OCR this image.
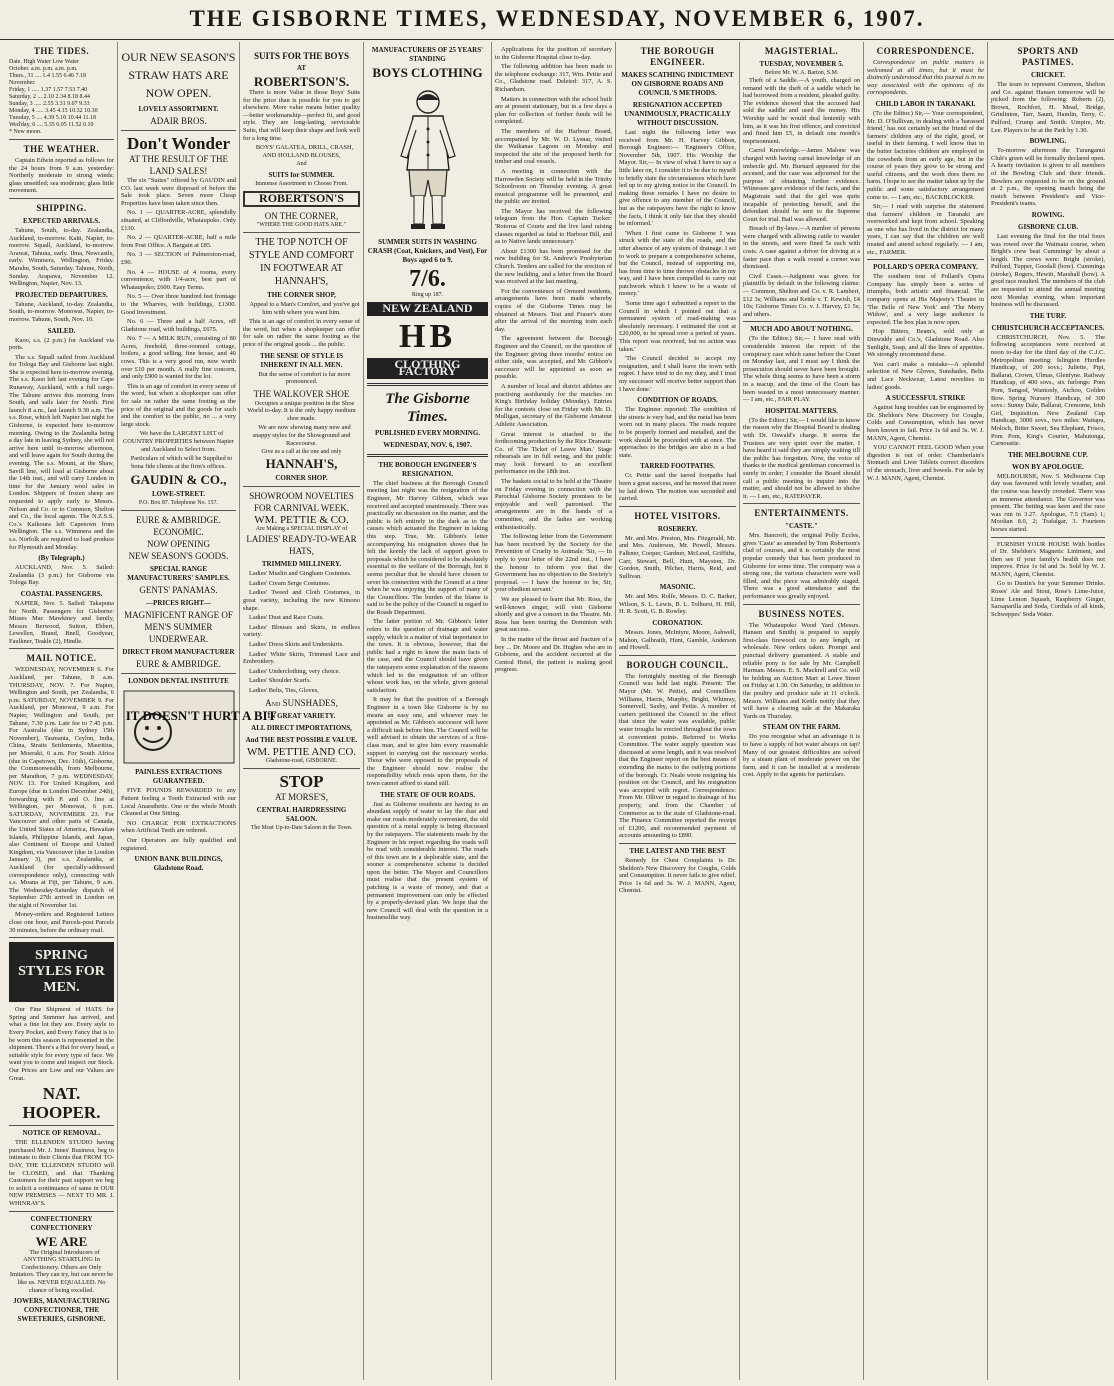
THE GISBORNE TIMES, WEDNESDAY, NOVEMBER 6, 1907.
THE TIDES.
Date. High Water Low Water
October. a.m. p.m. a.m. p.m.
Thurs., 31 .... 1.4 1.55 6.46 7.18
November.
Friday, 1 ..... 1.37 1.57 7.53 7.40
Saturday, 2 ... 2.10 2.34 8.18 8.44
Sunday, 3 ..... 2.55 3.31 9.07 9.33
Monday, 4 ..... 3.45 4.15 10.32 10.30
Tuesday, 5 .... 4.39 5.10 10.44 11.18
Wed'day, 6 .... 5.35 6.05 11.52 0.10
* New moon.
THE WEATHER.

Captain Edwin reported as follows for the 24 hours from 9 a.m. yesterday: Northerly moderate to strong winds; glass unsettled; sea moderate; glass little movement.

SHIPPING.
EXPECTED ARRIVALS.

Tahune, South, to-day. Zealandia, Auckland, to-morrow. Kaiti, Napier, to-morrow. Squall, Auckland, to-morrow. Arawai, Tahuna, early. Ilma, Newcastle, early. Wimmera, Wellington, Friday. Marahu, South, Saturday. Tahune, North, Sunday. Arapawa, November 12. Wellington, Napier, Nov. 13.

PROJECTED DEPARTURES.

Tahune, Auckland, to-day. Zealandia, South, to-morrow. Monowai, Napier, to-morrow. Tahune, South, Nov. 10.

SAILED.

Kaoo, s.s. (2 p.m.) for Auckland via ports.

The s.s. Squall sailed from Auckland for Tologa Bay and Gisborne last night. She is expected here to-morrow evening. The s.s. Kaoo left last evening for Cape Runaway, Auckland, with a full cargo. The Tahune arrives this morning from South, and sails later for North. First launch 8 a.m., last launch 9.30 a.m. The s.s. Rose, which left Napier last night for Gisborne, is expected here to-morrow morning. Owing to the Zealandia being a day late in leaving Sydney, she will not arrive here until to-morrow afternoon, and will leave again for South during the evening. The s.s. Mount, at the Shaw, Savill line, will load at Gisborne about the 14th inst., and will carry London in time for the January wool sales in London. Shippers of frozen sheep are requested to apply early to Messrs. Nelson and Co. or to Common, Shelton and Co., the local agents. The N.Z.S.S. Co.'s Kaikoura left Capetown from Wellington. The s.s. Wimmera and the s.s. Norfolk are required to load produce for Plymouth and Monday.

(By Telegraph.)

AUCKLAND, Nov. 5. Sailed: Zealandia (3 p.m.) for Gisborne via Tologa Bay.

COASTAL PASSENGERS.

NAPIER, Nov. 5. Sailed: Takapuna for North. Passengers for Gisborne: Misses Mac Mawkiney and family, Messrs Berwood, Sutton, Ebbert, Lewellen, Brand, Bnell, Goodyear, Faulkner, Teakle (2), Hindle.

MAIL NOTICE.

WEDNESDAY, NOVEMBER 6. For Auckland, per Tahune, 8 a.m. THURSDAY, NOV. 7. For Napier, Wellington and South, per Zealandia, 6 p.m. SATURDAY, NOVEMBER 9. For Auckland, per Monowai, 9 a.m. For Napier, Wellington and South, per Tahune, 7.30 p.m. Late fee to 7.45 p.m. For Australia (due in Sydney 15th November), Tasmania, Ceylon, India, China, Straits Settlements, Mauritius, per Moeraki, 6 a.m. For South Africa (due in Capetown, Dec. 16th), Gisborne, the Commonwealth, from Melbourne, per Marathon, 7 p.m. WEDNESDAY, NOV. 13. For United Kingdom, and Europe (due in London December 24th), forwarding with P. and O. line at Wellington, per Monowai, 6 p.m. SATURDAY, NOVEMBER 23. For Vancouver and other parts of Canada, the United States of America, Hawaiian Islands, Philippine Islands, and Japan, also Continent of Europe and United Kingdom, via Vancouver (due in London January 3), per s.s. Zealandia, at Auckland (for specially-addressed correspondence only), connecting with s.s. Moana at Fiji, per Tahune, 9 a.m. The Wednesday-Saturday dispatch of September 27th arrived in London on the night of November 1st.

Money-orders and Registered Letters close one hour, and Parcels-post Parcels 30 minutes, before the ordinary mail.

SPRING STYLES FOR MEN.

Our Fine Shipment of HATS for Spring and Summer has arrived, and what a fine lot they are. Every style to Every Pocket, and Every Fancy that is to be worn this season is represented in the shipment. There's a Hat for every head, a suitable style for every type of face. We want you to come and inspect our Stock. Our Prices are Low and our Values are Great.

NAT. HOOPER.
NOTICE OF REMOVAL.

THE ELLENDEN STUDIO having purchased Mr. J. Innes' Business, beg to intimate to their Clients that FROM TO-DAY, THE ELLENDEN STUDIO will be CLOSED, and that Thanking Customers for their past support we beg to solicit a continuance of same in OUR NEW PREMISES — NEXT TO MR. J. WHINRAY'S.

CONFECTIONERY CONFECTIONERY
WE ARE

The Original Introducers of ANYTHING STARTLING In Confectionery. Others are Only Imitators. They can try, but can never be like us. NEVER EQUALLED. No chance of being excelled.

JOWERS, MANUFACTURING CONFECTIONER, THE SWEETERIES, GISBORNE.
OUR NEW SEASON'S STRAW HATS ARE NOW OPEN.
LOVELY ASSORTMENT.
ADAIR BROS.
Don't Wonder
AT THE RESULT OF THE LAND SALES!

The six "Suites" offered by GAUDIN and CO. last week were disposed of before the Sale took place. Seven more Cheap Properties have been taken since then.

No. 1 — QUARTER-ACRE, splendidly situated, at Cliffordville, Whataupoko. Only £130.

No. 2 — QUARTER-ACRE, half a mile from Post Office. A Bargain at £85.

No. 3 — SECTION of Palmerston-road, £90.

No. 4 — HOUSE of 4 rooms, every convenience, with 1/4-acre, best part of Whataupoko; £600. Easy Terms.

No. 5 — Over three hundred feet frontage to the Wharves, with buildings, £1300. Good Investment.

No. 6 — Three and a half Acres, off Gladstone road, with buildings, £675.

No. 7 — A MILK RUN, consisting of 80 Acres, freehold, three-roomed cottage, boilers, a good selling, fine house, and 40 cows. This is a very good run, now worth over £10 per month. A really fine concern, and only £900 is wanted for the lot.

This is an age of comfort in every sense of the word, but when a shopkeeper can offer for sale on rather the same footing as the price of the original and the goods for such and the comfort to the public, no ... a very large stock.

We have the LARGEST LIST of COUNTRY PROPERTIES between Napier and Auckland to Select from.

Particulars of which will be Supplied to bona fide clients at the firm's offices.

GAUDIN & CO.,
LOWE-STREET.
P.O. Box 87. Telephone No. 157.
EURE & AMBRIDGE.
ECONOMIC.
NOW OPENING
NEW SEASON'S GOODS.
SPECIAL RANGE MANUFACTURERS' SAMPLES.
GENTS' PANAMAS.
—PRICES RIGHT—
MAGNIFICENT RANGE OF MEN'S SUMMER UNDERWEAR.
DIRECT FROM MANUFACTURER
EURE & AMBRIDGE.
LONDON DENTAL INSTITUTE
IT DOESN'T HURT A BIT
PAINLESS EXTRACTIONS GUARANTEED.

FIVE POUNDS REWARDED to any Patient feeling a Tooth Extracted with our Local Anaesthetic. One or the whole Mouth Cleaned at One Sitting.

NO CHARGE FOR EXTRACTIONS when Artificial Teeth are ordered.

Our Operators are fully qualified and registered.

UNION BANK BUILDINGS, Gladstone Road.
SUITS FOR THE BOYS
AT
ROBERTSON'S.

There is more Value in those Boys' Suits for the price than is possible for you to get elsewhere. More value means better quality—better workmanship—perfect fit, and good style. They are long-lasting, serviceable Suits, that will keep their shape and look well for a long time.

BOYS' GALATEA, DRILL, CRASH, AND HOLLAND BLOUSES,

And
SUITS for SUMMER.
Immense Assortment to Choose From.
ROBERTSON'S
ON THE CORNER,
"WHERE THE GOOD HATS ARE."
THE TOP NOTCH OF STYLE AND COMFORT IN FOOTWEAR AT HANNAH'S,
THE CORNER SHOP,

Appeal to a Man's Comfort, and you've got him with where you want him.

This is an age of comfort in every sense of the word, but when a shopkeeper can offer for sale on rather the same footing as the price of the original goods ... the public.

THE SENSE OF STYLE IS INHERENT IN ALL MEN.

But the sense of comfort is far more pronounced.

THE WALKOVER SHOE

Occupies a unique position in the Shoe World to-day. It is the only happy medium shoe made.

We are now showing many new and snappy styles for the Showground and Racecourse.

Give us a call at the one and only
HANNAH'S,
CORNER SHOP.
SHOWROOM NOVELTIES FOR CARNIVAL WEEK.
WM. PETTIE & CO.
Are Making a SPECIAL DISPLAY of
LADIES' READY-TO-WEAR HATS,
TRIMMED MILLINERY.

Ladies' Muslin and Gingham Costumes.

Ladies' Cream Serge Costumes.

Ladies' Tweed and Cloth Costumes, in great variety, including the new Kimono shape.

Ladies' Dust and Race Coats.

Ladies' Blouses and Skirts, in endless variety.

Ladies' Dress Skirts and Underskirts.

Ladies' White Skirts, Trimmed Lace and Embroidery.

Ladies' Underclothing, very choice.

Ladies' Shoulder Scarfs.

Ladies' Belts, Ties, Gloves,

And SUNSHADES,
IN GREAT VARIETY.
ALL DIRECT IMPORTATIONS,
And THE BEST POSSIBLE VALUE.
WM. PETTIE AND CO.
Gladstone-road, GISBORNE.
STOP
AT MORSE'S,
CENTRAL HAIRDRESSING SALOON.
The Most Up-to-Date Saloon in the Town.
MANUFACTURERS OF 25 YEARS' STANDING
BOYS CLOTHING
SUMMER SUITS IN WASHING CRASH (Coat, Knickers, and Vest), For Boys aged 6 to 9.
7/6.
Ring up 187.
NEW ZEALAND
HB
CLOTHING FACTORY
The Gisborne Times.
PUBLISHED EVERY MORNING.
WEDNESDAY, NOV. 6, 1907.
THE BOROUGH ENGINEER'S RESIGNATION.

The chief business at the Borough Council meeting last night was the resignation of the Engineer, Mr Harvey Gibbon, which was received and accepted unanimously. There was practically no discussion on the matter, and the public is left entirely in the dark as to the causes which actuated the Engineer in taking this step. True, Mr. Gibbon's letter accompanying his resignation shows that he felt the keenly the lack of support given to proposals which he considered to be absolutely essential to the welfare of the Borough, but it seems peculiar that he should have chosen to sever his connection with the Council at a time when he was enjoying the support of many of the Councillors. The burden of the blame is said to be the policy of the Council in regard to the Roads Department.

The latter portion of Mr. Gibbon's letter refers to the question of drainage and water supply, which is a matter of vital importance to the town. It is obvious, however, that the public had a right to know the main facts of the case, and the Council should have given the ratepayers some explanation of the reasons which led to the resignation of an officer whose work has, on the whole, given general satisfaction.

It may be that the position of a Borough Engineer in a town like Gisborne is by no means an easy one, and whoever may be appointed as Mr. Gibbon's successor will have a difficult task before him. The Council will be well advised to obtain the services of a first-class man, and to give him every reasonable support in carrying out the necessary works. Those who were opposed to the proposals of the Engineer should now realise the responsibility which rests upon them, for the town cannot afford to stand still.

THE STATE OF OUR ROADS.

Just as Gisborne residents are having to an abundant supply of water to lay the dust and make our roads moderately convenient, the old question of a metal supply is being discussed by the ratepayers. The statements made by the Engineer in his report regarding the roads will be read with considerable interest. The roads of this town are in a deplorable state, and the sooner a comprehensive scheme is decided upon the better. The Mayor and Councillors must realise that the present system of patching is a waste of money, and that a permanent improvement can only be effected by a properly-devised plan. We hope that the new Council will deal with the question in a businesslike way.

Applications for the position of secretary to the Gisborne Hospital close to-day.

The following addition has been made to the telephone exchange: 317, Wm. Pettie and Co., Gladstone road. Deleted: 317, A. S. Richardson.

Matters in connection with the school built are at present stationary, but in a few days a plan for collection of further funds will be completed.

The members of the Harbour Board, accompanied by Mr. W. D. Lysnar, visited the Waikanae Lagoon on Monday and inspected the site of the proposed berth for timber and coal vessels.

A meeting in connection with the Harrowden Society will be held in the Trinity Schoolroom on Thursday evening. A great musical programme will be presented, and the public are invited.

The Mayor has received the following telegram from the Hon. Captain Tucker: 'Rotorua of Courts and the live land raising classes regarded as fatal to Harbour Bill, and as to Native lands unnecessary.'

About £1300 has been promised for the new building for St. Andrew's Presbyterian Church. Tenders are called for the erection of the new building, and a letter from the Board was received at the last meeting.

For the convenience of Ormond residents, arrangements have been made whereby copies of the Gisborne Times may be obtained at Messrs. Teat and Fraser's store after the arrival of the morning train each day.

The agreement between the Borough Engineer and the Council, on the question of the Engineer giving three months' notice on either side, was accepted, and Mr. Gibbon's successor will be appointed as soon as possible.

A number of local and district athletes are practising assiduously for the matches on King's Birthday holiday (Monday). Entries for the contests close on Friday with Mr. D. Mulligan, secretary of the Gisborne Amateur Athletic Association.

Great interest is attached to the forthcoming production by the Rice Dramatic Co. of 'The Ticket of Leave Man.' Stage rehearsals are in full swing, and the public may look forward to an excellent performance on the 18th inst.

The baskets social to be held at the Theatre on Friday evening in connection with the Parochial Gisborne Society promises to be enjoyable and well patronised. The arrangements are in the hands of a committee, and the ladies are working enthusiastically.

The following letter from the Government has been received by the Society for the Prevention of Cruelty to Animals: 'Sir, — In reply to your letter of the 22nd inst., I have the honour to inform you that the Government has no objection to the Society's proposal. — I have the honour to be, Sir, your obedient servant.'

We are pleased to learn that Mr. Ross, the well-known singer, will visit Gisborne shortly and give a concert in the Theatre. Mr. Ross has been touring the Dominion with great success.

In the matter of the throat and fracture of a boy ... Dr. Moore and Dr. Hughes who are in Gisborne, and the accident occurred at the Central Hotel, the patient is making good progress.

THE BOROUGH ENGINEER.
MAKES SCATHING INDICTMENT ON GISBORNE ROADS AND COUNCIL'S METHODS.
RESIGNATION ACCEPTED UNANIMOUSLY, PRACTICALLY WITHOUT DISCUSSION.

Last night the following letter was received from Mr. H. Harvey Gibbon, Borough Engineer:— 'Engineer's Office, November 5th, 1907. His Worship the Mayor. Sir,— In view of what I have to say a little later on, I consider it to be due to myself to briefly state the circumstances which have led up to my giving notice to the Council. In making these remarks I have no desire to give offence to any member of the Council, but as the ratepayers have the right to know the facts, I think it only fair that they should be informed.'

'When I first came to Gisborne I was struck with the state of the roads, and the utter absence of any system of drainage. I set to work to prepare a comprehensive scheme, but the Council, instead of supporting me, has from time to time thrown obstacles in my way, and I have been compelled to carry out patchwork which I knew to be a waste of money.'

'Some time ago I submitted a report to the Council in which I pointed out that a permanent system of road-making was absolutely necessary. I estimated the cost at £20,000, to be spread over a period of years. This report was received, but no action was taken.'

'The Council decided to accept my resignation, and I shall leave the town with regret. I have tried to do my duty, and I trust my successor will receive better support than I have done.'

CONDITION OF ROADS.

The Engineer reported: The condition of the streets is very bad, and the metal has been worn out in many places. The roads require to be properly formed and metalled, and the work should be proceeded with at once. The approaches to the bridges are also in a bad state.

TARRED FOOTPATHS.

Cr. Pettie said the tarred footpaths had been a great success, and he moved that more be laid down. The motion was seconded and carried.

HOTEL VISITORS.
ROSEBERY.

Mr. and Mrs. Preston, Mrs. Fitzgerald, Mr. and Mrs. Anderson, Mr. Powell, Messrs. Falkner, Cooper, Gardner, McLeod, Griffiths, Carr, Stewart, Bell, Hunt, Mayston, Dr. Gordon, Smith, Pilcher, Harris, Reid, and Sullivan.

MASONIC.

Mr. and Mrs. Rolfe, Messrs. D. C. Barker, Wilson, S. L. Lewis, B. L. Tolhurst, H. Hill, H. R. Scott, G. B. Rowley.

CORONATION.

Messrs. Jones, McIntyre, Moore, Ashwell, Mahon, Galbraith, Hunt, Gamble, Anderson and Howell.

BOROUGH COUNCIL.

The fortnightly meeting of the Borough Council was held last night. Present: The Mayor (Mr. W. Pettie), and Councillors Williams, Harris, Murphy, Bright, Whinray, Somervell, Saxby, and Pettie. A number of carters petitioned the Council to the effect that since the water was available, public water troughs be erected throughout the town at convenient points. Referred to Works Committee. The water supply question was discussed at some length, and it was resolved that the Engineer report on the best means of extending the mains to the outlying portions of the borough. Cr. Neale wrote resigning his position on the Council, and his resignation was accepted with regret. Correspondence: From Mr. Olliver in regard to drainage of his property, and from the Chamber of Commerce as to the state of Gladstone-road. The Finance Committee reported the receipt of £1200, and recommended payment of accounts amounting to £890.

THE LATEST AND THE BEST

Remedy for Chest Complaints is Dr. Sheldon's New Discovery for Coughs, Colds and Consumption. It never fails to give relief. Price 1s 6d and 3s. W. J. MANN, Agent, Chemist.

MAGISTERIAL.
TUESDAY, NOVEMBER 5.
Before Mr. W. A. Barton, S.M.

Theft of a Saddle.—A youth, charged on remand with the theft of a saddle which he had borrowed from a resident, pleaded guilty. The evidence showed that the accused had sold the saddle and used the money. His Worship said he would deal leniently with him, as it was his first offence, and convicted and fined him £5, in default one month's imprisonment.

Carrol Knowledge.—James Malone was charged with having carnal knowledge of an imbecile girl. Mr. Burnard appeared for the accused, and the case was adjourned for the purpose of obtaining further evidence. Witnesses gave evidence of the facts, and the Magistrate said that the girl was quite incapable of protecting herself, and the defendant should be sent to the Supreme Court for trial. Bail was allowed.

Breach of By-laws.—A number of persons were charged with allowing cattle to wander in the streets, and were fined 5s each with costs. A case against a driver for driving at a faster pace than a walk round a corner was dismissed.

Civil Cases.—Judgment was given for plaintiffs by default in the following claims:— Common, Shelton and Co. v. R. Lambert, £12 3s; Williams and Kettle v. T. Kewish, £4 10s; Gisborne Times Co. v. J. Harvey, £1 5s; and others.

MUCH ADO ABOUT NOTHING.

(To the Editor.) Sir,— I have read with considerable interest the report of the conspiracy case which came before the Court on Monday last, and I must say I think the prosecution should never have been brought. The whole thing seems to have been a storm in a teacup, and the time of the Court has been wasted in a most unnecessary manner. — I am, etc., FAIR PLAY.

HOSPITAL MATTERS.

(To the Editor.) Sir,— I would like to know the reason why the Hospital Board is dealing with Dr. Oswald's charge. It seems the Trustees are very quiet over the matter. I have heard it said they are simply waiting till the public has forgotten. Now, the voice of thanks to the medical gentleman concerned is surely in order; I consider the Board should call a public meeting to inquire into the matter, and should not be allowed to shelve it. — I am, etc., RATEPAYER.

ENTERTAINMENTS.
"CASTE."

Mrs. Bancroft, the original Polly Eccles, gives 'Caste' as amended by Tom Robertson's clad of courses, and it is certainly the most popular comedy that has been produced in Gisborne for some time. The company was a strong one, the various characters were well filled, and the piece was admirably staged. There was a good attendance and the performance was greatly enjoyed.

BUSINESS NOTES.

The Whataupoko Wood Yard (Messrs. Hansen and Smith) is prepared to supply first-class firewood cut to any length, or wholesale. New orders taken. Prompt and punctual delivery guaranteed. A stable and reliable pony is for sale by Mr. Campbell Harman. Messrs. E. S. Mackrell and Co. will be holding an Auction Mart at Lowe Street on Friday at 1.30. On Saturday, in addition to the poultry and produce sale at 11 o'clock. Messrs. Williams and Kettle notify that they will have a clearing sale at the Makaraka Yards on Thursday.

STEAM ON THE FARM.

Do you recognise what an advantage it is to have a supply of hot water always on tap? Many of our greatest difficulties are solved by a steam plant of moderate power on the farm, and it can be installed at a moderate cost. Apply to the agents for particulars.

CORRESPONDENCE.

Correspondence on public matters is welcomed at all times, but it must be distinctly understood that this journal is in no way associated with the opinions of its correspondents.

CHILD LABOR IN TARANAKI.

(To the Editor.) Sir,— Your correspondent, Mr. D. O'Sullivan, in dealing with a 'harassed friend,' has not certainly set the friend of the farmers' children any of the right, good, or useful in their farming. I well know that in the butter factories children are employed in the cowsheds from an early age, but in the course of years they grow to be strong and useful citizens, and the work does them no harm. I hope to see the matter taken up by the public and some satisfactory arrangement come to. — I am, etc., BACKBLOCKER.

Sir,— I read with surprise the statement that farmers' children in Taranaki are overworked and kept from school. Speaking as one who has lived in the district for many years, I can say that the children are well treated and attend school regularly. — I am, etc., FARMER.

POLLARD'S OPERA COMPANY.

The southern tour of Pollard's Opera Company has simply been a series of triumphs, both artistic and financial. The company opens at His Majesty's Theatre in 'The Belle of New York' and 'The Merry Widow', and a very large audience is expected. The box plan is now open.

Hop Bitters, Beam's, sold only at Dinwiddy and Co.'s, Gladstone Road. Also Sunlight, Soap, and all the lines of appetites. We strongly recommend these.

You can't make a mistake—A splendid selection of New Gloves, Sunshades, Belts and Lace Neckwear, Latest novelties in ladies' goods.

A SUCCESSFUL STRIKE

Against lung troubles can be engineered by Dr. Sheldon's New Discovery for Coughs, Colds and Consumption, which has never been known to fail. Price 1s 6d and 3s. W. J. MANN, Agent, Chemist.

YOU CANNOT FEEL GOOD When your digestion is out of order. Chamberlain's Stomach and Liver Tablets correct disorders of the stomach, liver and bowels. For sale by W. J. MANN, Agent, Chemist.

SPORTS AND PASTIMES.
CRICKET.

The team to represent Common, Shelton and Co. against Hansen tomorrow will be picked from the following: Roberts (2), Brown, Rochfort, H. Mead, Bridge, Grinlinton, Tarr, Saunt, Hamlin, Terry, C. Pulford, Crump and Smith. Umpire, Mr. Lee. Players to be at the Park by 1.30.

BOWLING.

To-morrow afternoon the Turanganui Club's green will be formally declared open. A hearty invitation is given to all members of the Bowling Club and their friends. Bowlers are requested to be on the ground at 2 p.m., the opening match being the match between President's and Vice-President's teams.

ROWING.
GISBORNE CLUB.

Last evening the final for the trial fours was rowed over the Waimata course, when Bright's crew beat Cummings' by about a length. The crews were: Bright (stroke), Pulford, Tupper, Goodall (bow). Cummings (stroke), Rogers, Hewitt, Marshall (bow). A good race resulted. The members of the club are requested to attend the annual meeting next Monday evening, when important business will be discussed.

THE TURF.
CHRISTCHURCH ACCEPTANCES.

CHRISTCHURCH, Nov. 5. The following acceptances were received at noon to-day for the third day of the C.J.C. Metropolitan meeting: Islington Hurdles Handicap, of 200 sovs.; Juliette, Pipi, Ballarat, Crown, Ulmas, Glenfyne. Railway Handicap, of 400 sovs., six furlongs: Pom Pom, Sungod, Wantonly, Atchoo, Golden Bow. Spring Nursery Handicap, of 300 sovs.: Sunny Dale, Ballarat, Cremorne, Irish Girl, Inquisition. New Zealand Cup Handicap, 3000 sovs., two miles: Waitapu, Moloch, Bitter Sweet, Sea Elephant, Frisco, Pom Pom, King's Courier, Mahutonga, Carnoustie.

THE MELBOURNE CUP.
WON BY APOLOGUE.

MELBOURNE, Nov. 5. Melbourne Cup day was favoured with lovely weather, and the course was heavily crowded. There was an immense attendance. The Governor was present. The betting was keen and the race was run in 3.27. Apologue, 7.5 (Sam) 1; Mooltan 8.0, 2; Trafalgar, 3. Fourteen horses started.

FURNISH YOUR HOUSE With bottles of Dr. Sheldon's Magnetic Liniment, and then see if your family's health does not improve. Price 1s 6d and 3s. Sold by W. J. MANN, Agent, Chemist.

Go to Dustin's for your Summer Drinks. Roses' Ale and Stout, Rose's Lime-Juice, Lime Lemon Squash, Raspberry Ginger, Sarsaparilla and Soda, Cordials of all kinds, Schweppes' Soda Water.
